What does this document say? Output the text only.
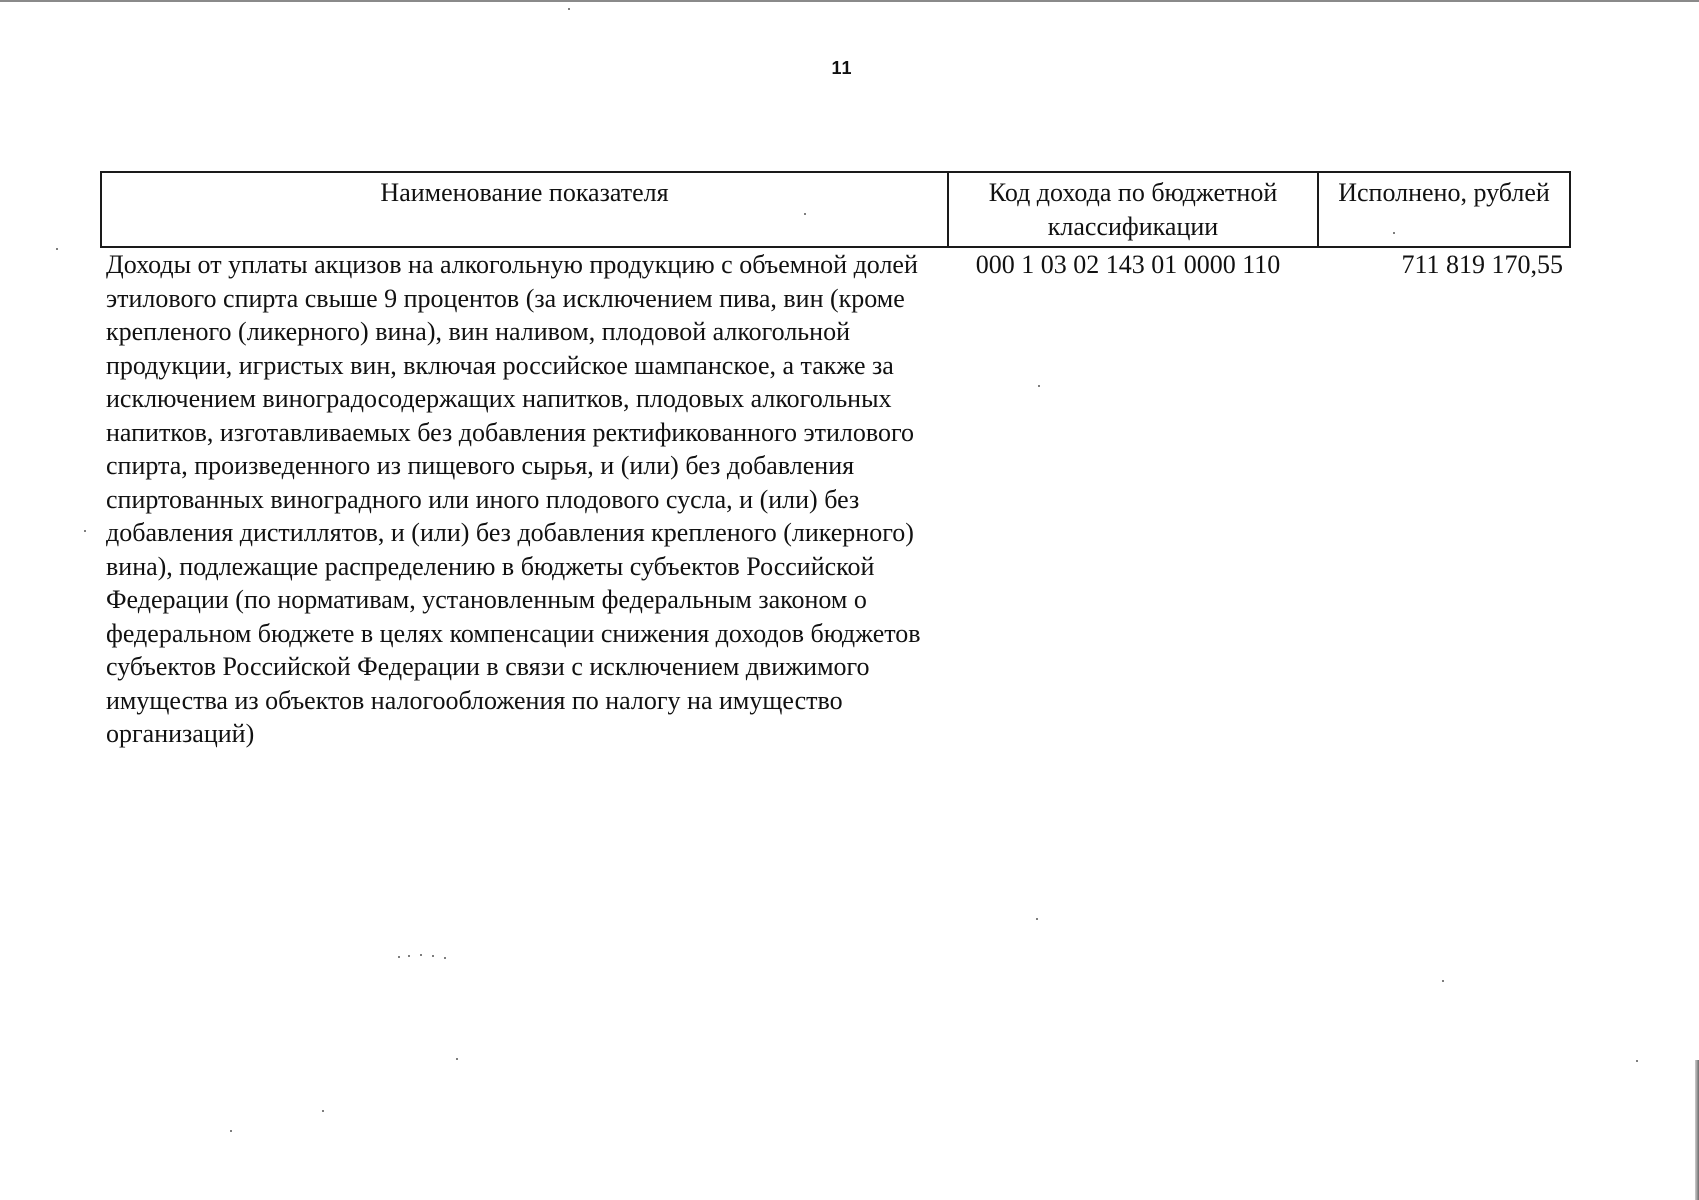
11
Наименование показателя	Код дохода по бюджетной классификации
Исполнено, рублей
Доходы от уплаты акцизов на алкогольную продукцию с объемной долей этилового спирта свыше 9 процентов (за исключением пива, вин (кроме крепленого (ликерного) вина), вин наливом, плодовой алкогольной продукции, игристых вин, включая российское шампанское, а также за исключением виноградосодержащих напитков, плодовых алкогольных напитков, изготавливаемых без добавления ректификованного этилового спирта, произведенного из пищевого сырья, и (или) без добавления спиртованных виноградного или иного плодового сусла, и (или) без добавления дистиллятов, и (или) без добавления крепленого (ликерного) вина), подлежащие распределению в бюджеты субъектов Российской Федерации (по нормативам, установленным федеральным законом о федеральном бюджете в целях компенсации снижения доходов бюджетов субъектов Российской Федерации в связи с исключением движимого имущества из объектов налогообложения по налогу на имущество организаций)
000 1 03 02 143 01 0000 110	711 819 170,55
